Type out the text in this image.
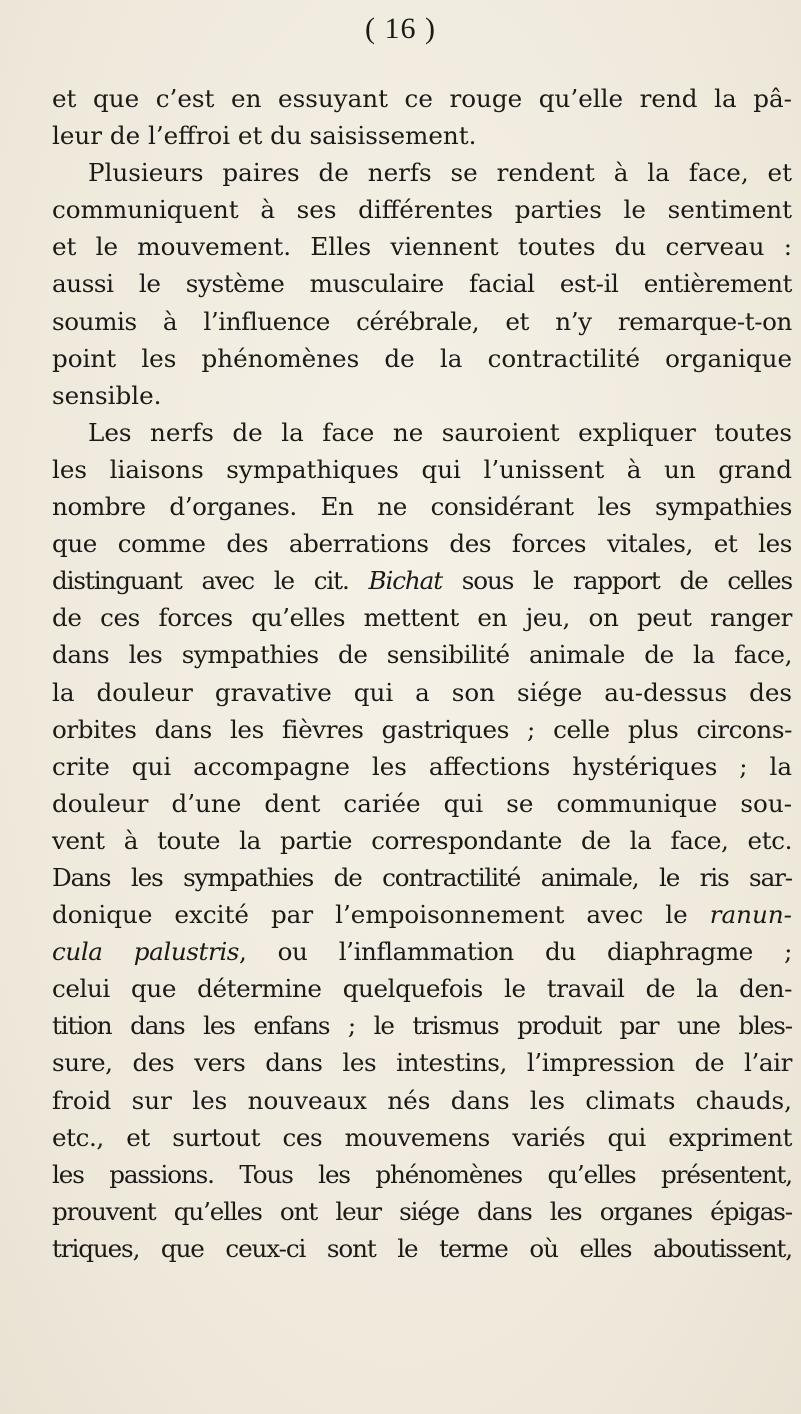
( 16 )
et que c’est en essuyant ce rouge qu’elle rend la pâ-
leur de l’effroi et du saisissement.
Plusieurs paires de nerfs se rendent à la face, et
communiquent à ses différentes parties le sentiment
et le mouvement. Elles viennent toutes du cerveau :
aussi le système musculaire facial est-il entièrement
soumis à l’influence cérébrale, et n’y remarque-t-on
point les phénomènes de la contractilité organique
sensible.
Les nerfs de la face ne sauroient expliquer toutes
les liaisons sympathiques qui l’unissent à un grand
nombre d’organes. En ne considérant les sympathies
que comme des aberrations des forces vitales, et les
distinguant avec le cit. Bichat sous le rapport de celles
de ces forces qu’elles mettent en jeu, on peut ranger
dans les sympathies de sensibilité animale de la face,
la douleur gravative qui a son siége au-dessus des
orbites dans les fièvres gastriques ; celle plus circons-
crite qui accompagne les affections hystériques ; la
douleur d’une dent cariée qui se communique sou-
vent à toute la partie correspondante de la face, etc.
Dans les sympathies de contractilité animale, le ris sar-
donique excité par l’empoisonnement avec le ranun-
cula palustris, ou l’inflammation du diaphragme ;
celui que détermine quelquefois le travail de la den-
tition dans les enfans ; le trismus produit par une bles-
sure, des vers dans les intestins, l’impression de l’air
froid sur les nouveaux nés dans les climats chauds,
etc., et surtout ces mouvemens variés qui expriment
les passions. Tous les phénomènes qu’elles présentent,
prouvent qu’elles ont leur siége dans les organes épigas-
triques, que ceux-ci sont le terme où elles aboutissent,
